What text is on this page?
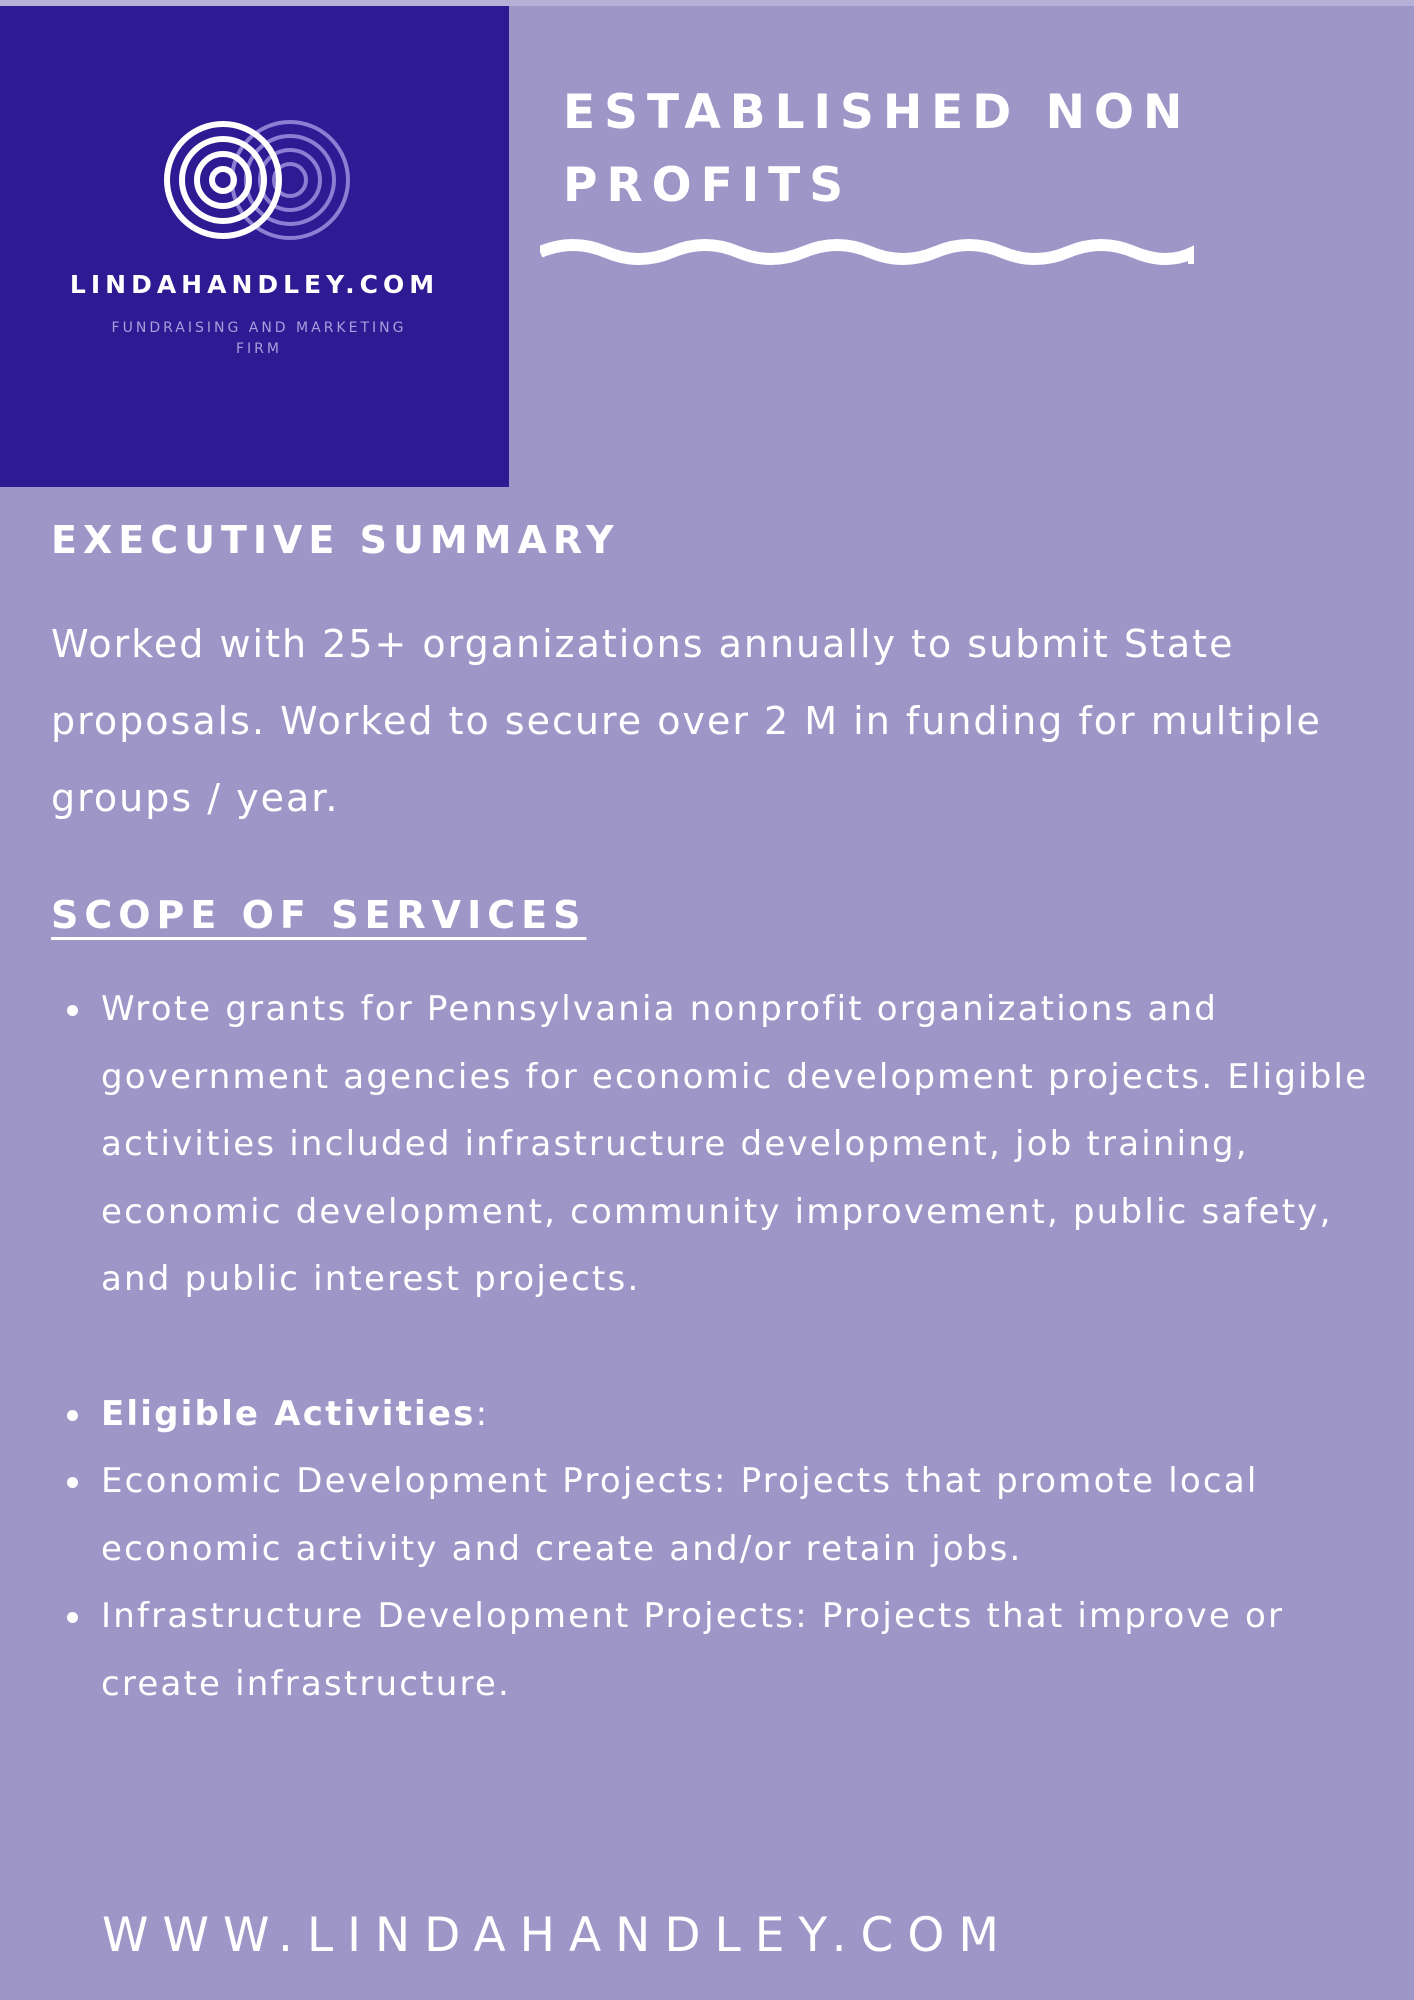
LINDAHANDLEY.COM
FUNDRAISING AND MARKETING FIRM
ESTABLISHED NON PROFITS
EXECUTIVE SUMMARY

Worked with 25+ organizations annually to submit State proposals. Worked to secure over 2 M in funding for multiple groups / year.

SCOPE OF SERVICES
Wrote grants for Pennsylvania nonprofit organizations and government agencies for economic development projects. Eligible activities included infrastructure development, job training, economic development, community improvement, public safety, and public interest projects.
Eligible Activities:
Economic Development Projects: Projects that promote local economic activity and create and/or retain jobs.
Infrastructure Development Projects: Projects that improve or create infrastructure.
WWW.LINDAHANDLEY.COM
